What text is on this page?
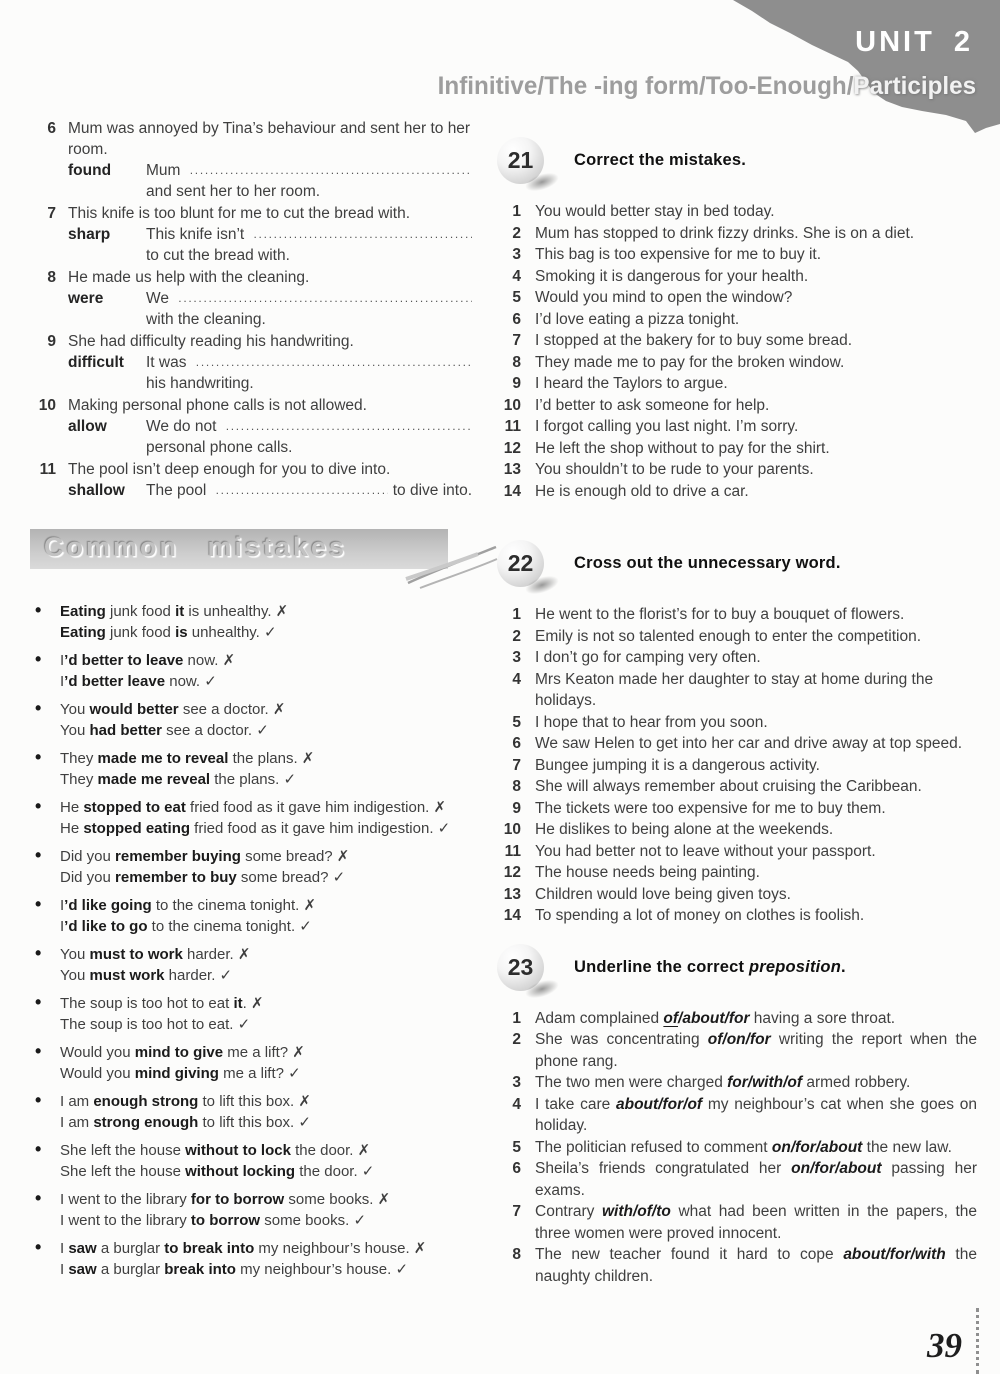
UNIT 2
Infinitive/The -ing form/Too-Enough/Participles
6 Mum was annoyed by Tina’s behaviour and sent her to her room.
found	Mum
.....
and sent her to her room.
7 This knife is too blunt for me to cut the bread with.
sharp	This knife isn’t
.....
to cut the bread with.
8 He made us help with the cleaning.
were	We
.....
with the cleaning.
9 She had difficulty reading his handwriting.
difficult	It was
.....
his handwriting.
10 Making personal phone calls is not allowed.
allow	We do not
.....
personal phone calls.
11 The pool isn’t deep enough for you to dive into.
shallow	The pool .....	to dive into.
Common mistakes
• Eating junk food it is unhealthy. ✗
Eating junk food is unhealthy. ✓
• I’d better to leave now. ✗
I’d better leave now. ✓
• You would better see a doctor. ✗
You had better see a doctor. ✓
• They made me to reveal the plans. ✗
They made me reveal the plans. ✓
• He stopped to eat fried food as it gave him indigestion. ✗
He stopped eating fried food as it gave him indigestion. ✓
• Did you remember buying some bread? ✗
Did you remember to buy some bread? ✓
• I’d like going to the cinema tonight. ✗
I’d like to go to the cinema tonight. ✓
• You must to work harder. ✗
You must work harder. ✓
• The soup is too hot to eat it. ✗
The soup is too hot to eat. ✓
• Would you mind to give me a lift? ✗
Would you mind giving me a lift? ✓
• I am enough strong to lift this box. ✗
I am strong enough to lift this box. ✓
• She left the house without to lock the door. ✗
She left the house without locking the door. ✓
• I went to the library for to borrow some books. ✗
I went to the library to borrow some books. ✓
• I saw a burglar to break into my neighbour’s house. ✗
I saw a burglar break into my neighbour’s house. ✓
21 Correct the mistakes.
1 You would better stay in bed today.
2 Mum has stopped to drink fizzy drinks. She is on a diet.
3 This bag is too expensive for me to buy it.
4 Smoking it is dangerous for your health.
5 Would you mind to open the window?
6 I’d love eating a pizza tonight.
7 I stopped at the bakery for to buy some bread.
8 They made me to pay for the broken window.
9 I heard the Taylors to argue.
10 I’d better to ask someone for help.
11 I forgot calling you last night. I’m sorry.
12 He left the shop without to pay for the shirt.
13 You shouldn’t to be rude to your parents.
14 He is enough old to drive a car.
22 Cross out the unnecessary word.
1 He went to the florist’s for to buy a bouquet of flowers.
2 Emily is not so talented enough to enter the competition.
3 I don’t go for camping very often.
4 Mrs Keaton made her daughter to stay at home during the holidays.
5 I hope that to hear from you soon.
6 We saw Helen to get into her car and drive away at top speed.
7 Bungee jumping it is a dangerous activity.
8 She will always remember about cruising the Caribbean.
9 The tickets were too expensive for me to buy them.
10 He dislikes to being alone at the weekends.
11 You had better not to leave without your passport.
12 The house needs being painting.
13 Children would love being given toys.
14 To spending a lot of money on clothes is foolish.
23 Underline the correct preposition.
1 Adam complained of/about/for having a sore throat.
2 She was concentrating of/on/for writing the report when the phone rang.
3 The two men were charged for/with/of armed robbery.
4 I take care about/for/of my neighbour’s cat when she goes on holiday.
5 The politician refused to comment on/for/about the new law.
6 Sheila’s friends congratulated her on/for/about passing her exams.
7 Contrary with/of/to what had been written in the papers, the three women were proved innocent.
8 The new teacher found it hard to cope about/for/with the naughty children.
39
